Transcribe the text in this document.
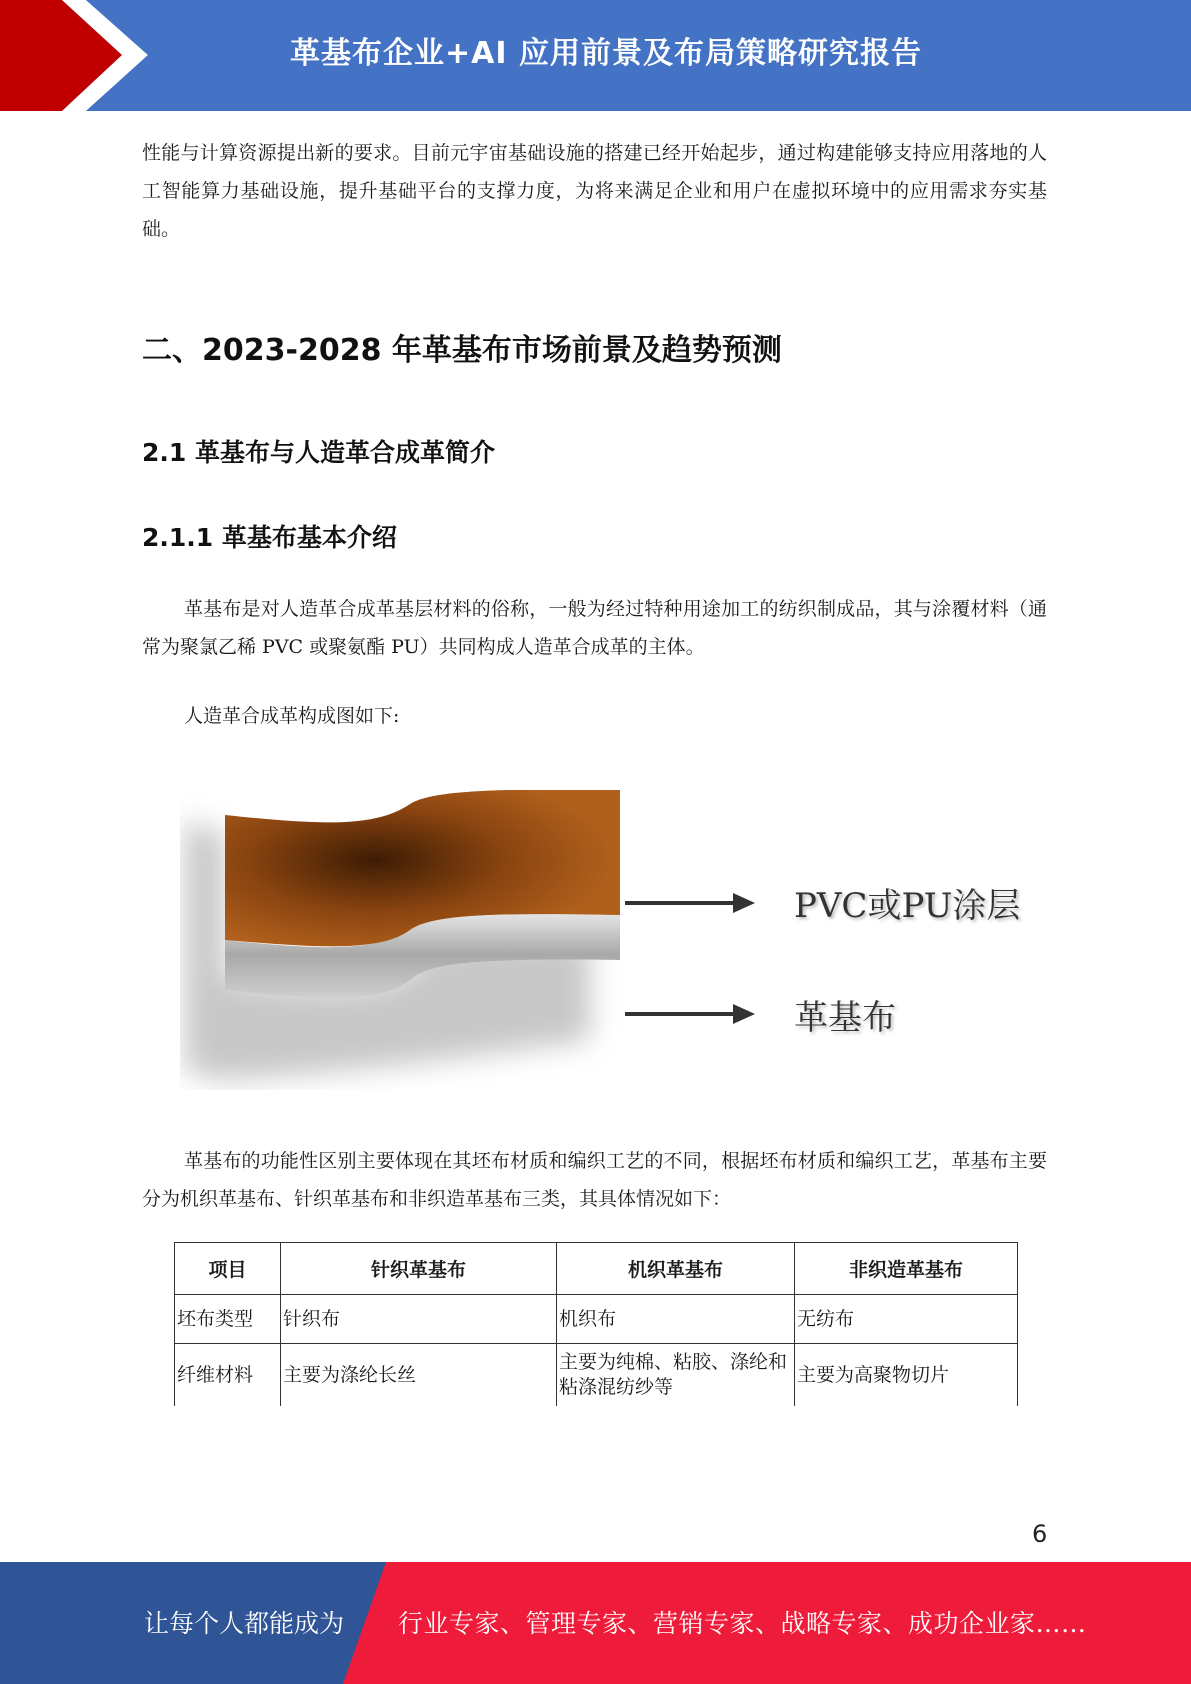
革基布企业+AI 应用前景及布局策略研究报告

性能与计算资源提出新的要求。目前元宇宙基础设施的搭建已经开始起步，通过构建能够支持应用落地的人工智能算力基础设施，提升基础平台的支撑力度，为将来满足企业和用户在虚拟环境中的应用需求夯实基础。

二、2023-2028 年革基布市场前景及趋势预测
2.1 革基布与人造革合成革简介
2.1.1 革基布基本介绍

革基布是对人造革合成革基层材料的俗称，一般为经过特种用途加工的纺织制成品，其与涂覆材料（通常为聚氯乙稀 PVC 或聚氨酯 PU）共同构成人造革合成革的主体。

人造革合成革构成图如下:

PVC或PU涂层
革基布

革基布的功能性区别主要体现在其坯布材质和编织工艺的不同，根据坯布材质和编织工艺，革基布主要分为机织革基布、针织革基布和非织造革基布三类，其具体情况如下：

项目	针织革基布	机织革基布	非织造革基布
坯布类型	针织布	机织布	无纺布
纤维材料	主要为涤纶长丝	主要为纯棉、粘胶、涤纶和粘涤混纺纱等	主要为高聚物切片
6
让每个人都能成为 行业专家、管理专家、营销专家、战略专家、成功企业家……
